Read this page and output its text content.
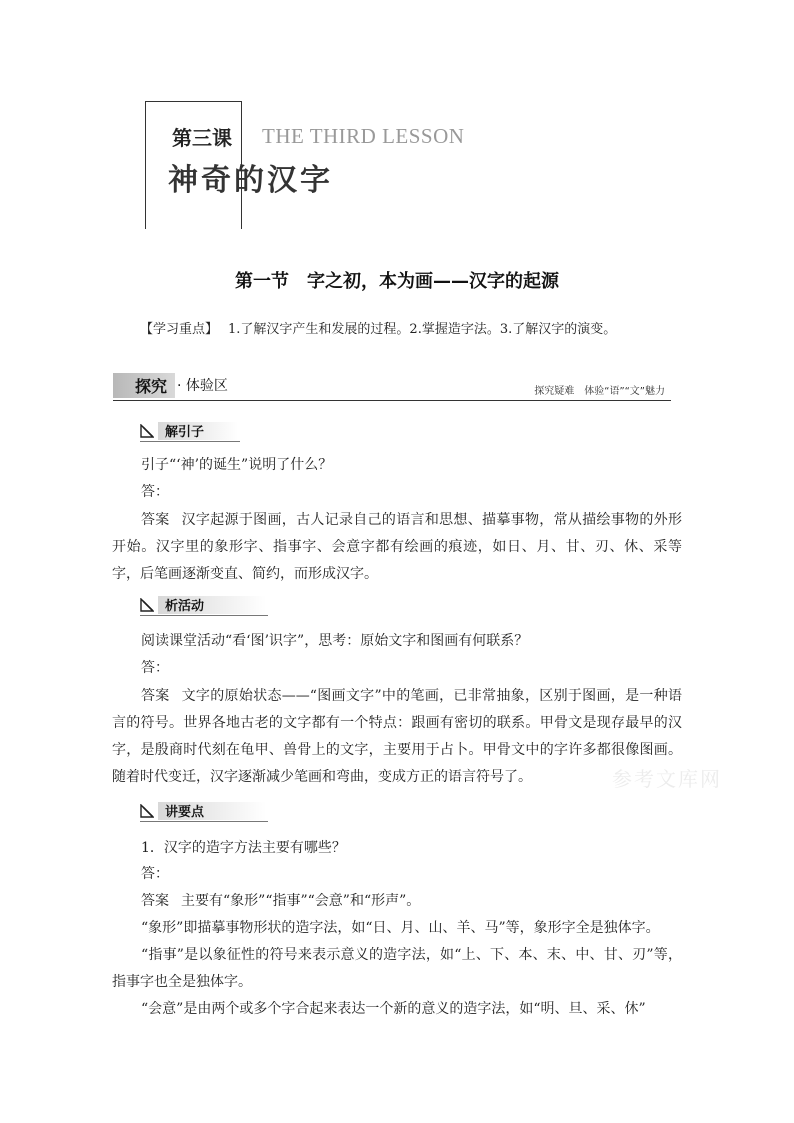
第三课 THE THIRD LESSON
神奇的汉字
第一节 字之初，本为画——汉字的起源
【学习重点】 1.了解汉字产生和发展的过程。2.掌握造字法。3.了解汉字的演变。
探究 · 体验区	探究疑难　体验“语”“文”魅力
解引子
引子“‘神’的诞生”说明了什么？
答：
答案 汉字起源于图画，古人记录自己的语言和思想、描摹事物，常从描绘事物的外形开始。汉字里的象形字、指事字、会意字都有绘画的痕迹，如日、月、甘、刃、休、采等字，后笔画逐渐变直、简约，而形成汉字。
析活动
阅读课堂活动“看‘图’识字”，思考：原始文字和图画有何联系？
答：
答案 文字的原始状态——“图画文字”中的笔画，已非常抽象，区别于图画，是一种语言的符号。世界各地古老的文字都有一个特点：跟画有密切的联系。甲骨文是现存最早的汉字，是殷商时代刻在龟甲、兽骨上的文字，主要用于占卜。甲骨文中的字许多都很像图画。随着时代变迁，汉字逐渐减少笔画和弯曲，变成方正的语言符号了。	参考文库网
讲要点
1．汉字的造字方法主要有哪些？
答：
答案 主要有“象形”“指事”“会意”和“形声”。
“象形”即描摹事物形状的造字法，如“日、月、山、羊、马”等，象形字全是独体字。
“指事”是以象征性的符号来表示意义的造字法，如“上、下、本、末、中、甘、刃”等，指事字也全是独体字。
“会意”是由两个或多个字合起来表达一个新的意义的造字法，如“明、旦、采、休”
